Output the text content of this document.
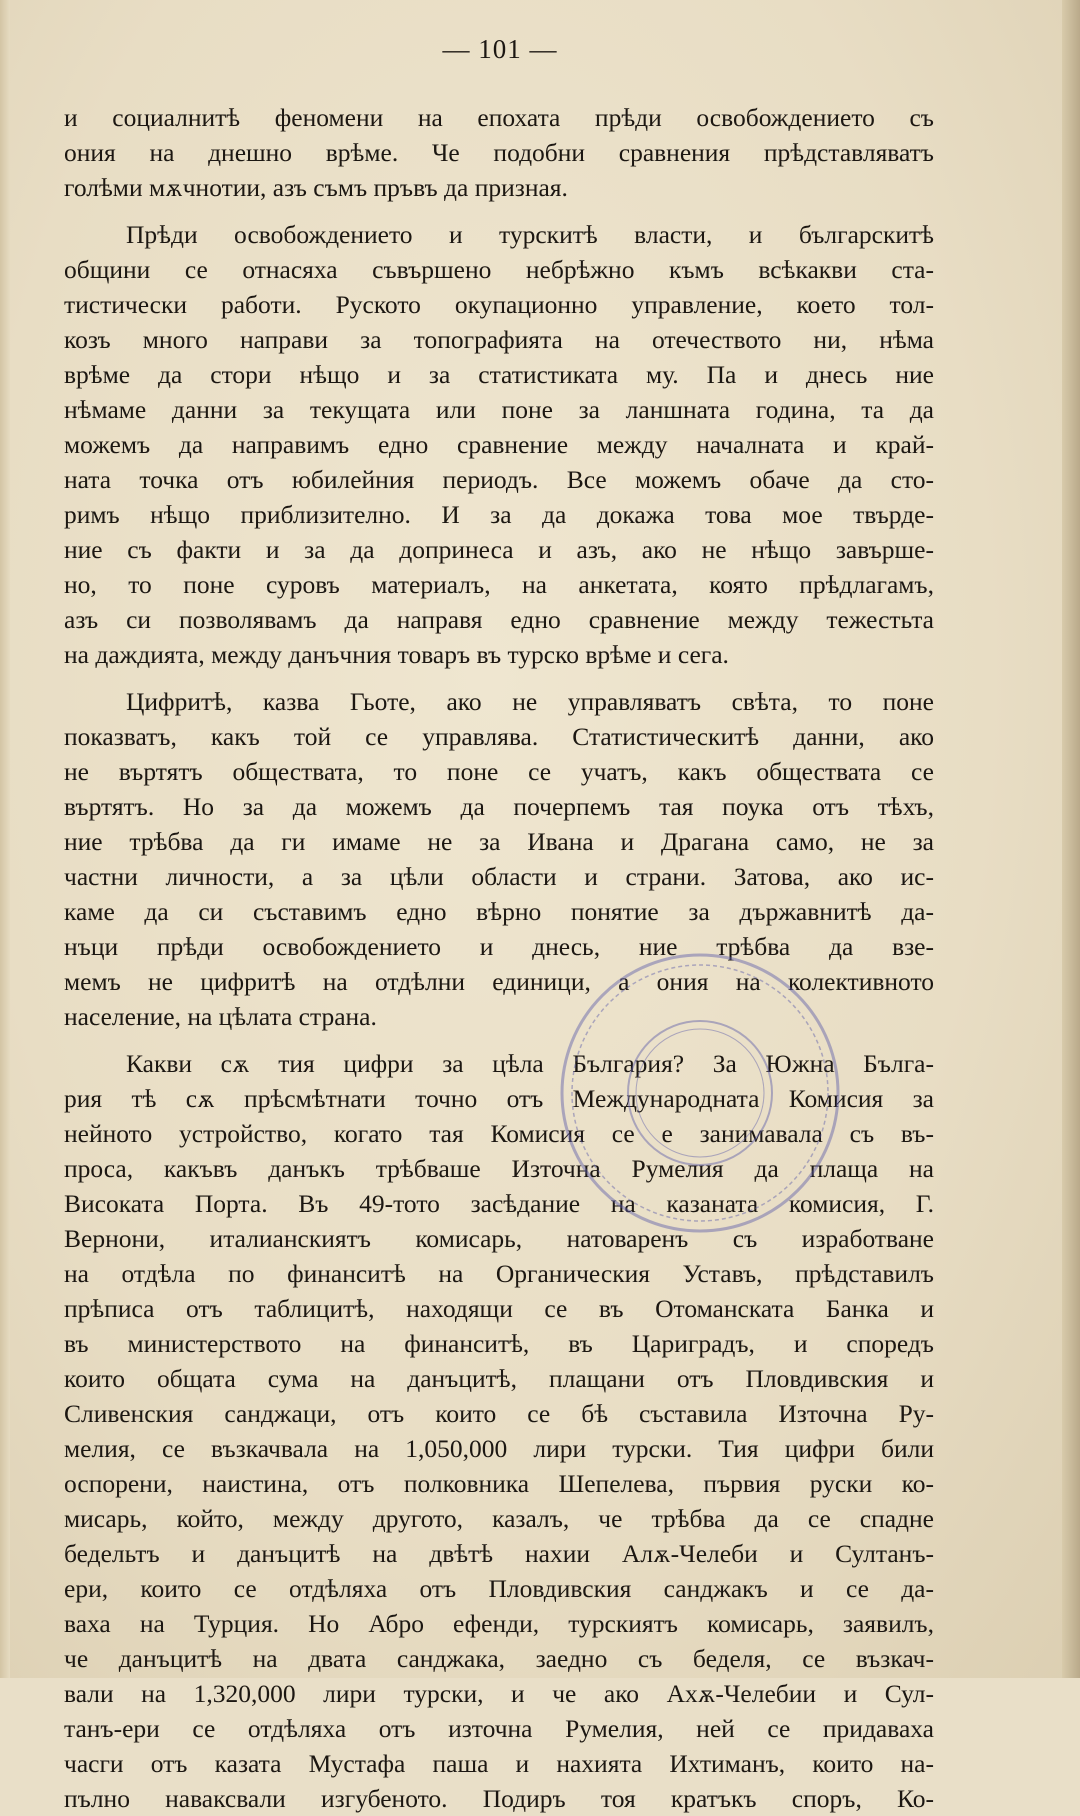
— 101 —
и социалнитѣ феномени на епохата прѣди освобождението съ
ония на днешно врѣме. Че подобни сравнения прѣдставляватъ
голѣми мѫчнотии, азъ съмъ пръвъ да призная.
Прѣди освобождението и турскитѣ власти, и българскитѣ
общини се отнасяха съвършено небрѣжно къмъ всѣкакви ста-
тистически работи. Руското окупационно управление, което тол-
козъ много направи за топографията на отечеството ни, нѣма
врѣме да стори нѣщо и за статистиката му. Па и днесь ние
нѣмаме данни за текущата или поне за ланшната година, та да
можемъ да направимъ едно сравнение между началната и край-
ната точка отъ юбилейния периодъ. Все можемъ обаче да сто-
римъ нѣщо приблизително. И за да докажа това мое твърде-
ние съ факти и за да допринеса и азъ, ако не нѣщо завърше-
но, то поне суровъ материалъ, на анкетата, която прѣдлагамъ,
азъ си позволявамъ да направя едно сравнение между тежестьта
на даждията, между данъчния товаръ въ турско врѣме и сега.
Цифритѣ, казва Гьоте, ако не управляватъ свѣта, то поне
показватъ, какъ той се управлява. Статистическитѣ данни, ако
не въртятъ обществата, то поне се учатъ, какъ обществата се
въртятъ. Но за да можемъ да почерпемъ тая поука отъ тѣхъ,
ние трѣбва да ги имаме не за Ивана и Драгана само, не за
частни личности, а за цѣли области и страни. Затова, ако ис-
каме да си съставимъ едно вѣрно понятие за държавнитѣ да-
нъци прѣди освобождението и днесь, ние трѣбва да взе-
мемъ не цифритѣ на отдѣлни единици, а ония на колективното
население, на цѣлата страна.
Какви сѫ тия цифри за цѣла България? За Южна Бълга-
рия тѣ сѫ прѣсмѣтнати точно отъ Международната Комисия за
нейното устройство, когато тая Комисия се е занимавала съ въ-
проса, какъвъ данъкъ трѣбваше Източна Румелия да плаща на
Високата Порта. Въ 49-тото засѣдание на казаната комисия, Г.
Вернони, италианскиятъ комисарь, натоваренъ съ изработване
на отдѣла по финанситѣ на Органическия Уставъ, прѣдставилъ
прѣписа отъ таблицитѣ, находящи се въ Отоманската Банка и
въ министерството на финанситѣ, въ Цариградъ, и споредъ
които общата сума на данъцитѣ, плащани отъ Пловдивския и
Сливенския санджаци, отъ които се бѣ съставила Източна Ру-
мелия, се възкачвала на 1,050,000 лири турски. Тия цифри били
оспорени, наистина, отъ полковника Шепелева, първия руски ко-
мисарь, който, между другото, казалъ, че трѣбва да се спадне
бедельтъ и данъцитѣ на двѣтѣ нахии Алѫ-Челеби и Султанъ-
ери, които се отдѣляха отъ Пловдивския санджакъ и се да-
ваха на Турция. Но Абро ефенди, турскиятъ комисарь, заявилъ,
че данъцитѣ на двата санджака, заедно съ беделя, се възкач-
вали на 1,320,000 лири турски, и че ако Ахѫ-Челебии и Сул-
танъ-ери се отдѣляха отъ източна Румелия, ней се придаваха
часги отъ казата Мустафа паша и нахията Ихтиманъ, които на-
пълно наваксвали изгубеното. Подиръ тоя кратъкъ споръ, Ко-
